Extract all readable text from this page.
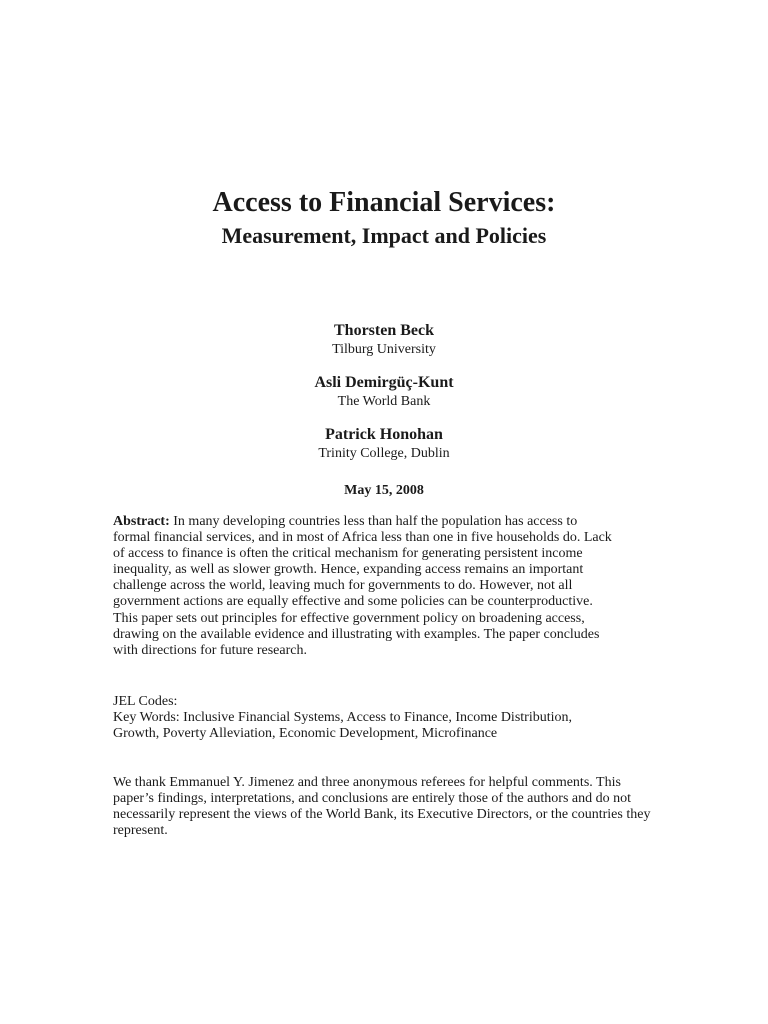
Access to Financial Services:
Measurement, Impact and Policies
Thorsten Beck
Tilburg University
Asli Demirgüç-Kunt
The World Bank
Patrick Honohan
Trinity College, Dublin
May 15, 2008
Abstract: In many developing countries less than half the population has access to
formal financial services, and in most of Africa less than one in five households do. Lack
of access to finance is often the critical mechanism for generating persistent income
inequality, as well as slower growth. Hence, expanding access remains an important
challenge across the world, leaving much for governments to do. However, not all
government actions are equally effective and some policies can be counterproductive.
This paper sets out principles for effective government policy on broadening access,
drawing on the available evidence and illustrating with examples. The paper concludes
with directions for future research.
JEL Codes:
Key Words: Inclusive Financial Systems, Access to Finance, Income Distribution,
Growth, Poverty Alleviation, Economic Development, Microfinance
We thank Emmanuel Y. Jimenez and three anonymous referees for helpful comments. This
paper’s findings, interpretations, and conclusions are entirely those of the authors and do not
necessarily represent the views of the World Bank, its Executive Directors, or the countries they
represent.
